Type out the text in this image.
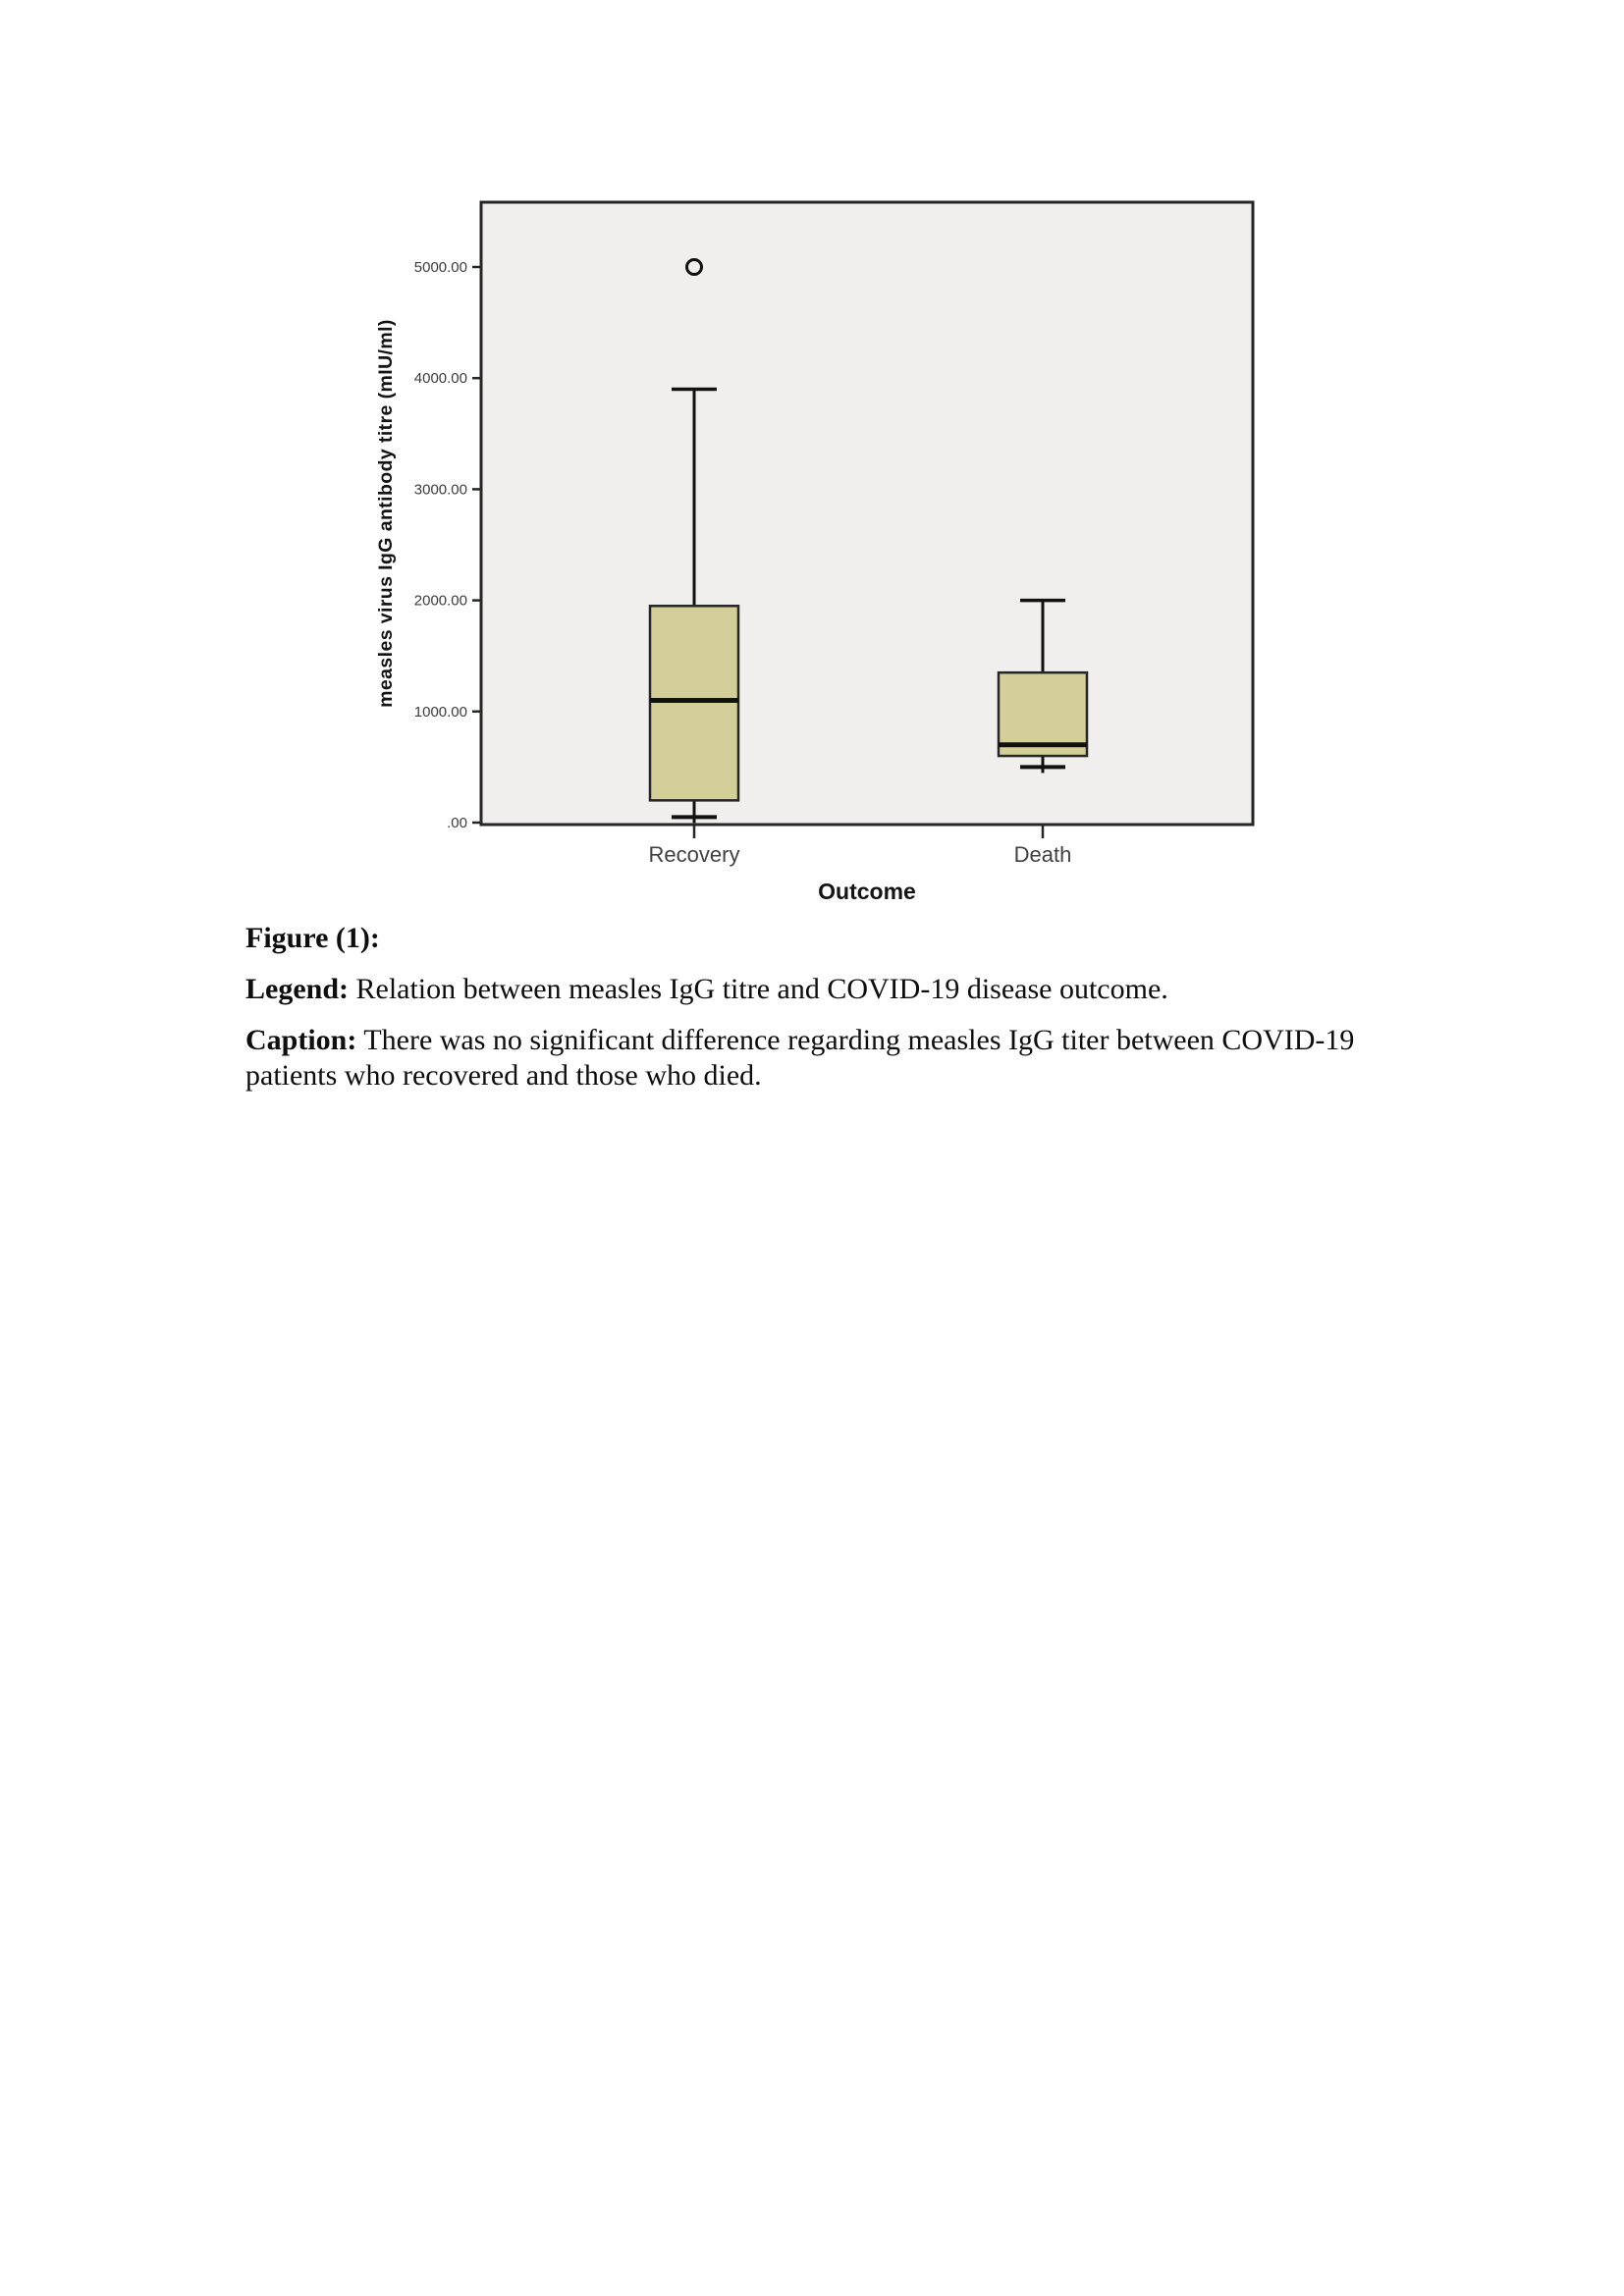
5000.00
4000.00
3000.00
2000.00
1000.00
.00
measles virus IgG antibody titre (mIU/ml)
Recovery	Death
Outcome

Figure (1):

Legend: Relation between measles IgG titre and COVID-19 disease outcome.

Caption: There was no significant difference regarding measles IgG titer between COVID-19
patients who recovered and those who died.
